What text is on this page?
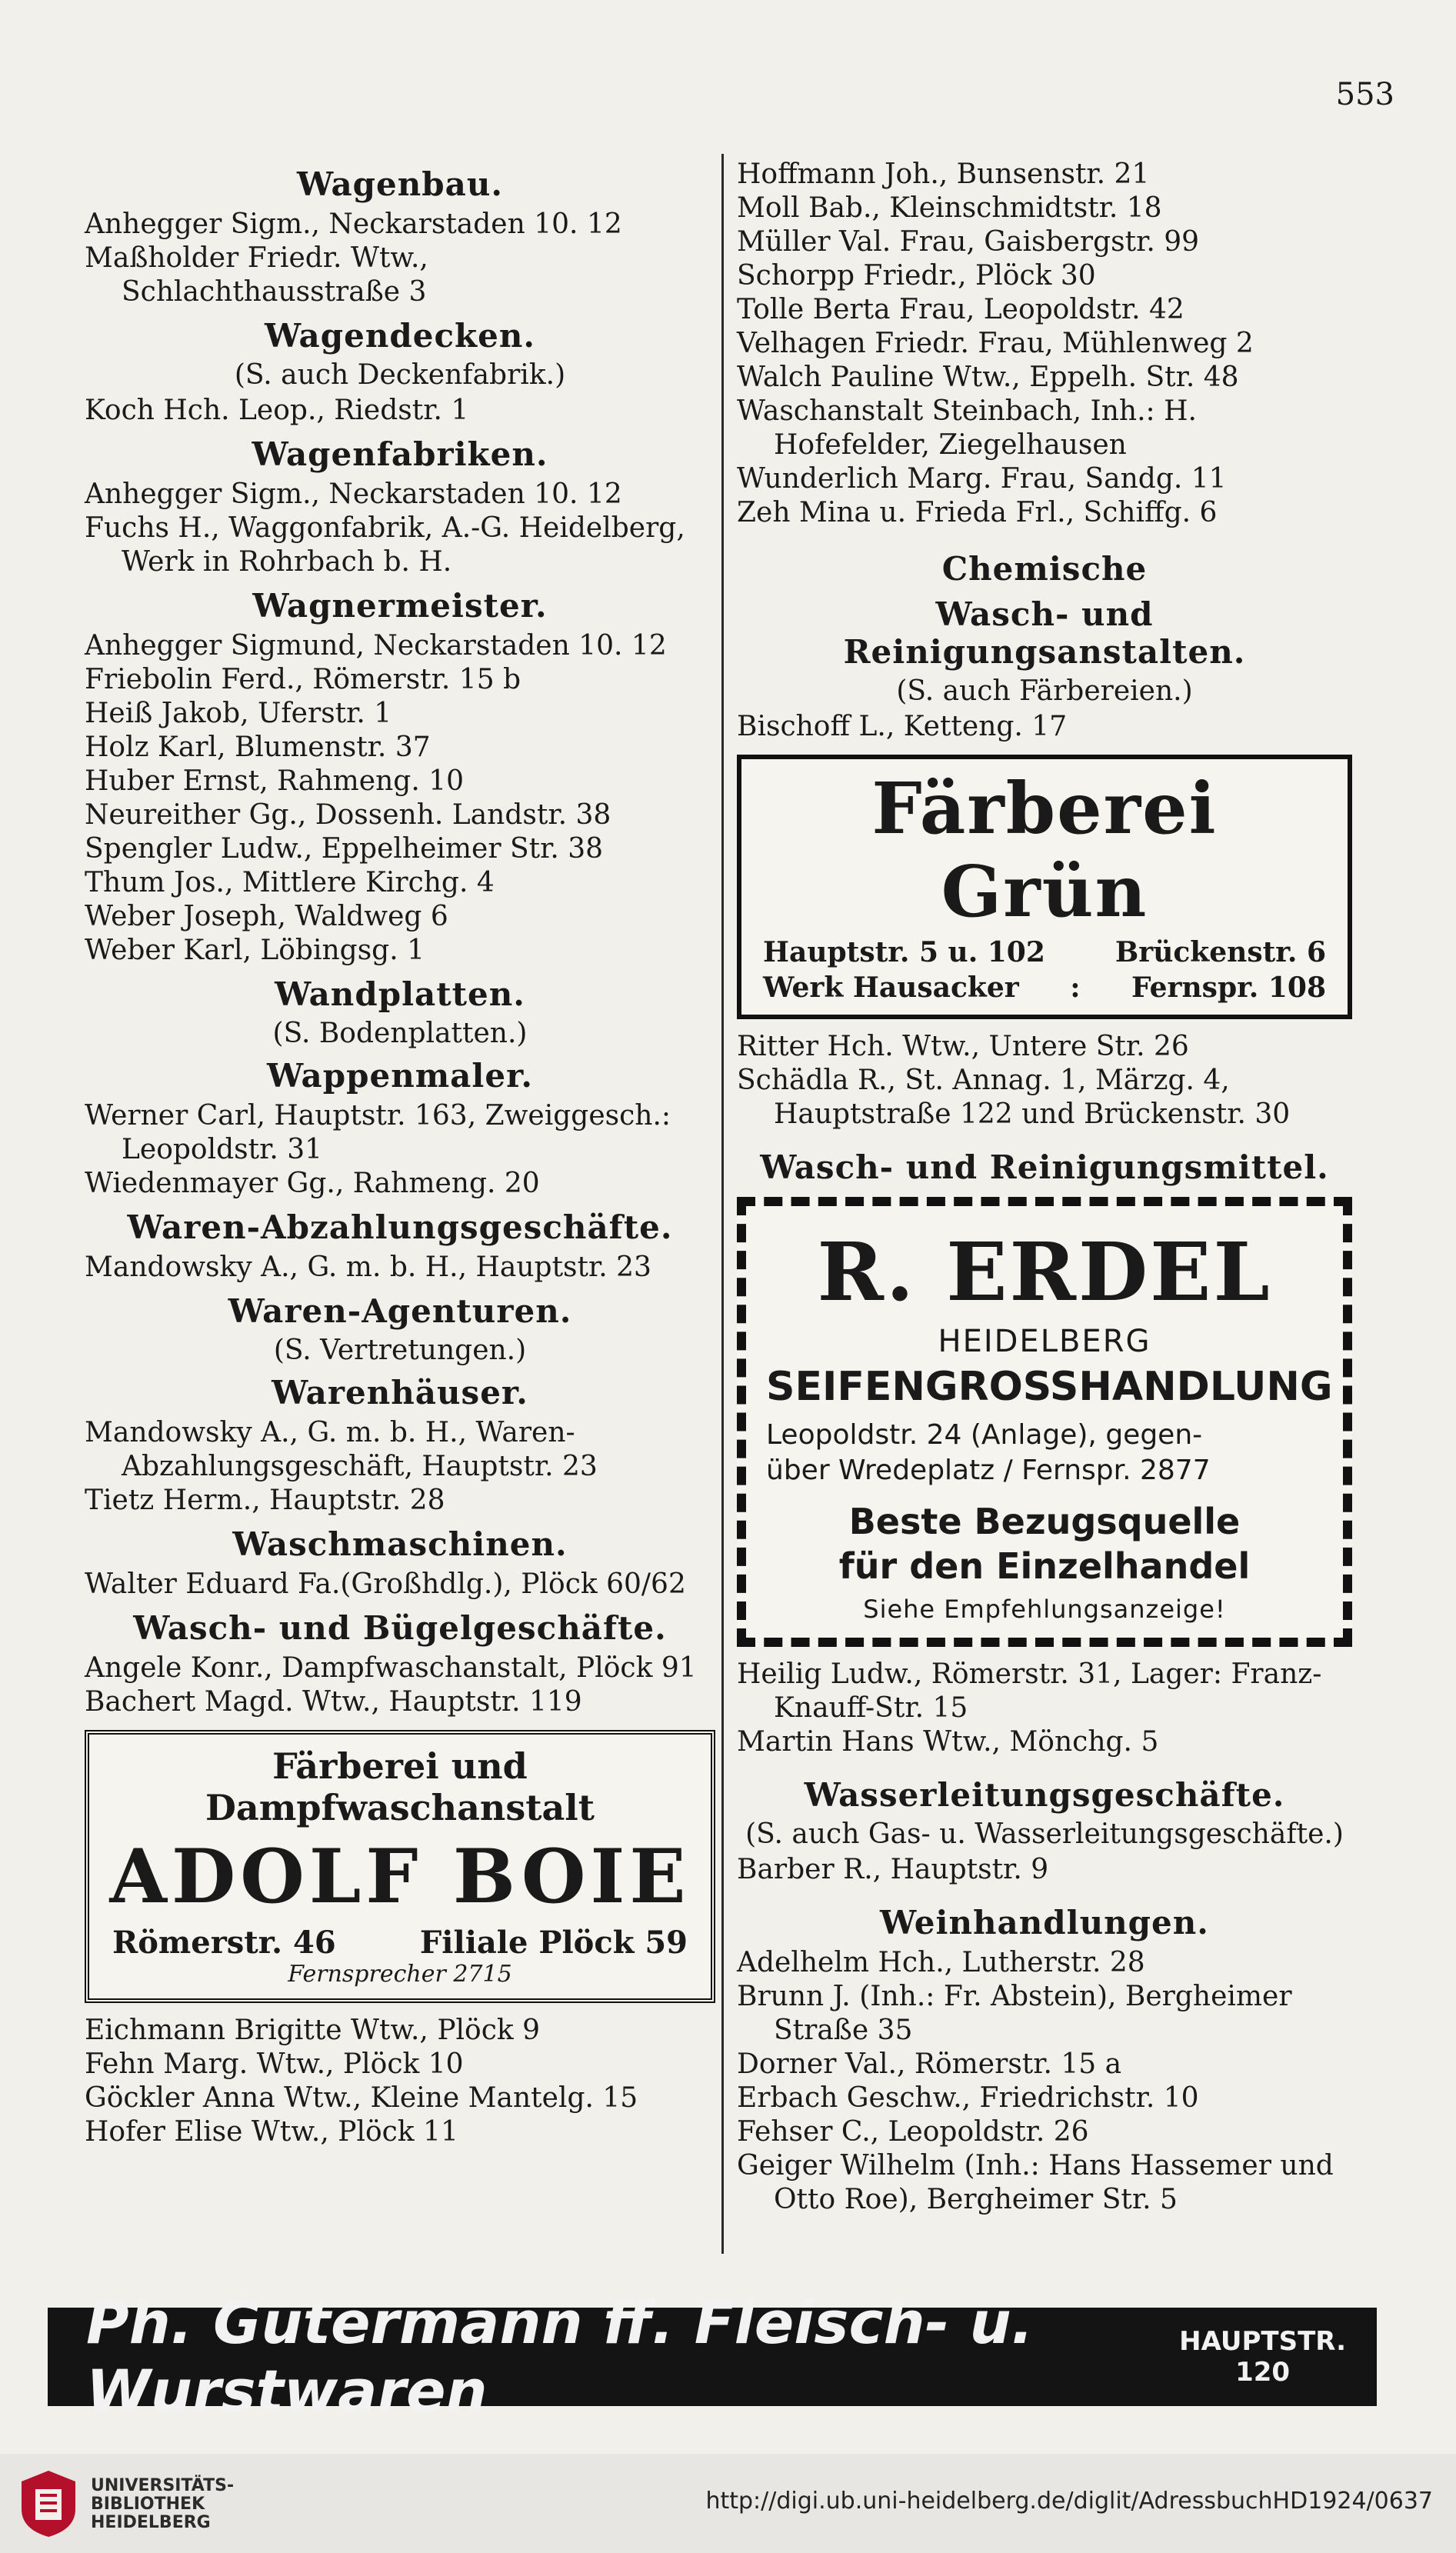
553
Wagenbau.
Anhegger Sigm., Neckarstaden 10. 12
Maßholder Friedr. Wtw., Schlachthausstraße 3
Wagendecken.
(S. auch Deckenfabrik.)
Koch Hch. Leop., Riedstr. 1
Wagenfabriken.
Anhegger Sigm., Neckarstaden 10. 12
Fuchs H., Waggonfabrik, A.-G. Heidelberg, Werk in Rohrbach b. H.
Wagnermeister.
Anhegger Sigmund, Neckarstaden 10. 12
Friebolin Ferd., Römerstr. 15 b
Heiß Jakob, Uferstr. 1
Holz Karl, Blumenstr. 37
Huber Ernst, Rahmeng. 10
Neureither Gg., Dossenh. Landstr. 38
Spengler Ludw., Eppelheimer Str. 38
Thum Jos., Mittlere Kirchg. 4
Weber Joseph, Waldweg 6
Weber Karl, Löbingsg. 1
Wandplatten.
(S. Bodenplatten.)
Wappenmaler.
Werner Carl, Hauptstr. 163, Zweiggesch.: Leopoldstr. 31
Wiedenmayer Gg., Rahmeng. 20
Waren-Abzahlungsgeschäfte.
Mandowsky A., G. m. b. H., Hauptstr. 23
Waren-Agenturen.
(S. Vertretungen.)
Warenhäuser.
Mandowsky A., G. m. b. H., Waren-Abzahlungsgeschäft, Hauptstr. 23
Tietz Herm., Hauptstr. 28
Waschmaschinen.
Walter Eduard Fa.(Großhdlg.), Plöck 60/62
Wasch- und Bügelgeschäfte.
Angele Konr., Dampfwaschanstalt, Plöck 91
Bachert Magd. Wtw., Hauptstr. 119
Färberei und Dampfwaschanstalt
ADOLF BOIE
Römerstr. 46	Filiale Plöck 59
Fernsprecher 2715
Eichmann Brigitte Wtw., Plöck 9
Fehn Marg. Wtw., Plöck 10
Göckler Anna Wtw., Kleine Mantelg. 15
Hofer Elise Wtw., Plöck 11
Hoffmann Joh., Bunsenstr. 21
Moll Bab., Kleinschmidtstr. 18
Müller Val. Frau, Gaisbergstr. 99
Schorpp Friedr., Plöck 30
Tolle Berta Frau, Leopoldstr. 42
Velhagen Friedr. Frau, Mühlenweg 2
Walch Pauline Wtw., Eppelh. Str. 48
Waschanstalt Steinbach, Inh.: H. Hofefelder, Ziegelhausen
Wunderlich Marg. Frau, Sandg. 11
Zeh Mina u. Frieda Frl., Schiffg. 6
Chemische
Wasch- und Reinigungsanstalten.
(S. auch Färbereien.)
Bischoff L., Ketteng. 17
Färberei Grün
Hauptstr. 5 u. 102	Brückenstr. 6
Werk Hausacker : Fernspr. 108
Ritter Hch. Wtw., Untere Str. 26
Schädla R., St. Annag. 1, Märzg. 4, Hauptstraße 122 und Brückenstr. 30
Wasch- und Reinigungsmittel.
R. ERDEL
HEIDELBERG
SEIFENGROSSHANDLUNG
Leopoldstr. 24 (Anlage), gegen-
über Wredeplatz / Fernspr. 2877
Beste Bezugsquelle
für den Einzelhandel
Siehe Empfehlungsanzeige!
Heilig Ludw., Römerstr. 31, Lager: Franz-Knauff-Str. 15
Martin Hans Wtw., Mönchg. 5
Wasserleitungsgeschäfte.
(S. auch Gas- u. Wasserleitungsgeschäfte.)
Barber R., Hauptstr. 9
Weinhandlungen.
Adelhelm Hch., Lutherstr. 28
Brunn J. (Inh.: Fr. Abstein), Bergheimer Straße 35
Dorner Val., Römerstr. 15 a
Erbach Geschw., Friedrichstr. 10
Fehser C., Leopoldstr. 26
Geiger Wilhelm (Inh.: Hans Hassemer und Otto Roe), Bergheimer Str. 5
Ph. Gutermann ff. Fleisch- u. Wurstwaren
HAUPTSTR.
120
UNIVERSITÄTS-
BIBLIOTHEK
HEIDELBERG
http://digi.ub.uni-heidelberg.de/diglit/AdressbuchHD1924/0637
